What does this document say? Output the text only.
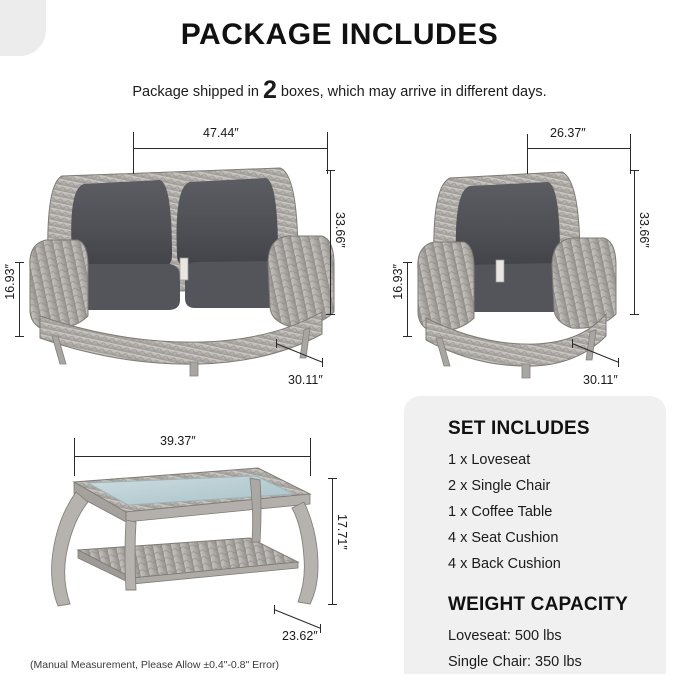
PACKAGE INCLUDES
Package shipped in 2 boxes, which may arrive in different days.
47.44″
33.66″
16.93″
30.11″
26.37″
33.66″
16.93″
30.11″
39.37″
17.71″
23.62″
SET INCLUDES
1 x Loveseat
2 x Single Chair
1 x Coffee Table
4 x Seat Cushion
4 x Back Cushion
WEIGHT CAPACITY
Loveseat: 500 lbs
Single Chair: 350 lbs
(Manual Measurement, Please Allow ±0.4"-0.8" Error)
